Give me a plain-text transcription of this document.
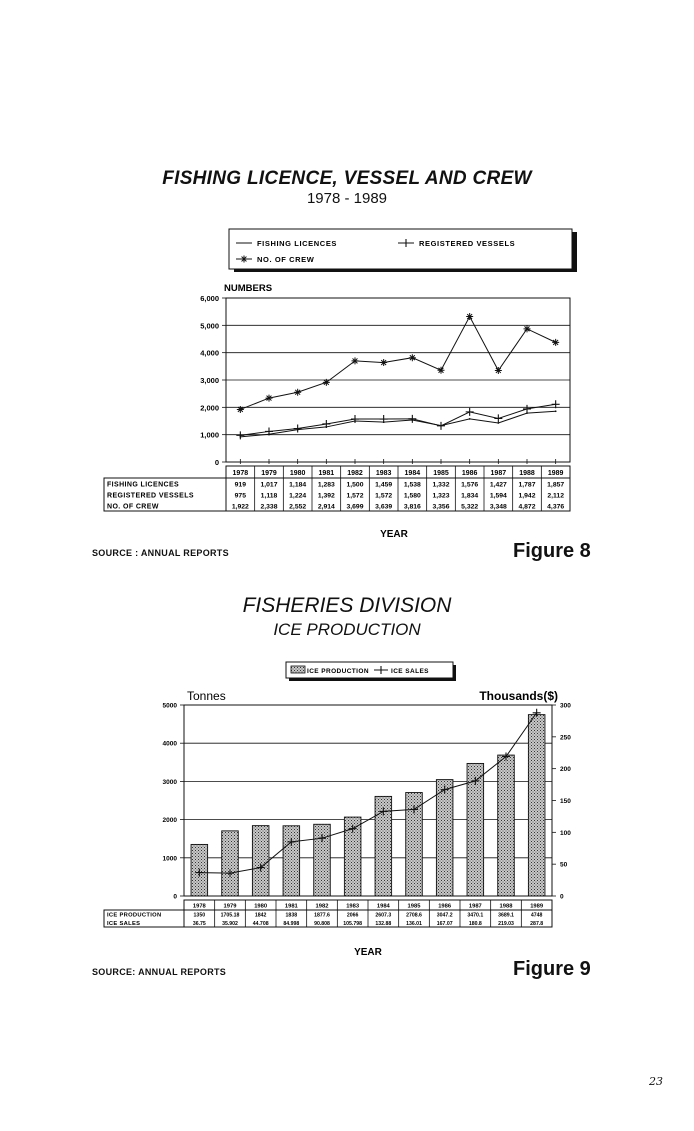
FISHING LICENCE, VESSEL AND CREW
1978 - 1989
FISHING LICENCES	REGISTERED VESSELS
NO. OF CREW
NUMBERS
0
1,000
2,000
3,000
4,000
5,000
6,000
1978 1979 1980 1981 1982 1983 1984 1985 1986 1987 1988 1989
FISHING LICENCES	919 1,017 1,184 1,283 1,500 1,459 1,538 1,332 1,576 1,427 1,787 1,857
REGISTERED VESSELS	975 1,118 1,224 1,392 1,572 1,572 1,580 1,323 1,834 1,594 1,942 2,112
NO. OF CREW	1,922 2,338 2,552 2,914 3,699 3,639 3,816 3,356 5,322 3,348 4,872 4,376
YEAR
SOURCE : ANNUAL REPORTS	Figure 8
FISHERIES DIVISION
ICE PRODUCTION
ICE PRODUCTION	ICE SALES
Tonnes	Thousands($)
0
1000
2000
3000
4000
5000
0
50
100
150
200
250
300
1978	1979	1980	1981	1982	1983	1984	1985	1986	1987	1988	1989
ICE PRODUCTION	1350	1705.18	1842	1838	1877.6	2066	2607.3	2708.6	3047.2	3470.1	3689.1	4748
ICE SALES	36.75	35.902	44.708	84.998	90.808	105.798	132.88	136.01	167.07	180.8	219.03	287.8
YEAR
SOURCE: ANNUAL REPORTS	Figure 9
23
